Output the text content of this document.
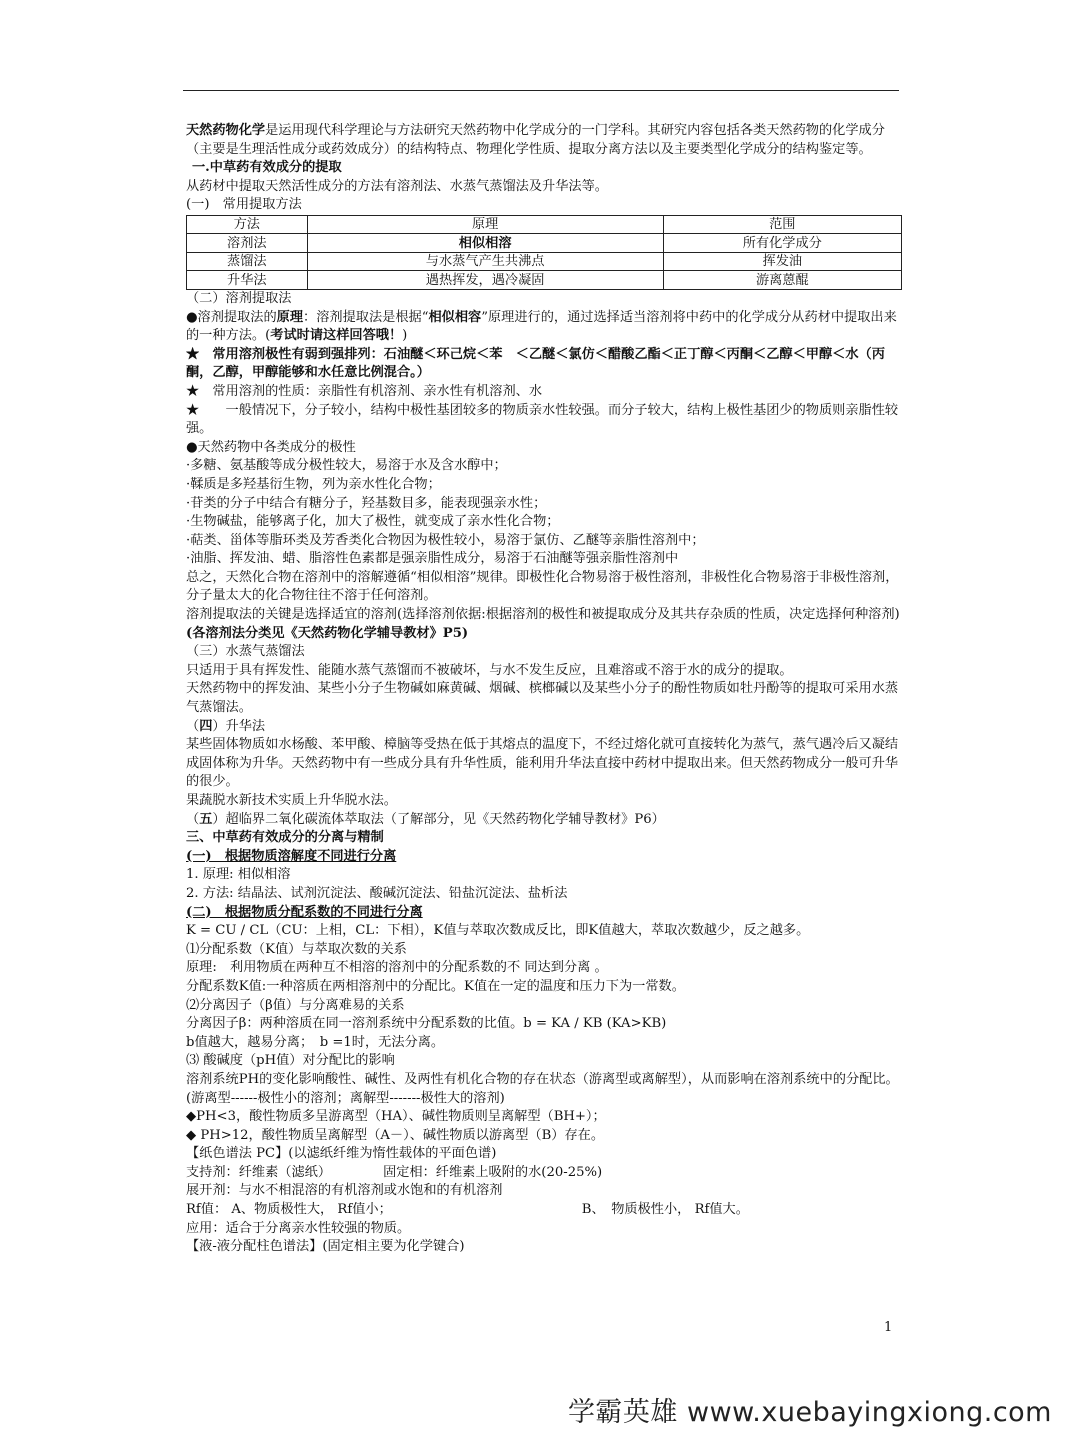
天然药物化学是运用现代科学理论与方法研究天然药物中化学成分的一门学科。其研究内容包括各类天然药物的化学成分（主要是生理活性成分或药效成分）的结构特点、物理化学性质、提取分离方法以及主要类型化学成分的结构鉴定等。

一.中草药有效成分的提取

从药材中提取天然活性成分的方法有溶剂法、水蒸气蒸馏法及升华法等。

(一)　常用提取方法

方法	原理	范围
溶剂法	相似相溶	所有化学成分
蒸馏法	与水蒸气产生共沸点	挥发油
升华法	遇热挥发，遇冷凝固	游离蒽醌

（二）溶剂提取法

●溶剂提取法的原理：溶剂提取法是根据“相似相容”原理进行的，通过选择适当溶剂将中药中的化学成分从药材中提取出来的一种方法。(考试时请这样回答哦！)

★　常用溶剂极性有弱到强排列：石油醚＜环己烷＜苯　＜乙醚＜氯仿＜醋酸乙酯＜正丁醇＜丙酮＜乙醇＜甲醇＜水（丙酮，乙醇，甲醇能够和水任意比例混合。）

★　常用溶剂的性质：亲脂性有机溶剂、亲水性有机溶剂、水

★　　一般情况下，分子较小，结构中极性基团较多的物质亲水性较强。而分子较大，结构上极性基团少的物质则亲脂性较强。

●天然药物中各类成分的极性

·多糖、氨基酸等成分极性较大，易溶于水及含水醇中；

·鞣质是多羟基衍生物，列为亲水性化合物；

·苷类的分子中结合有糖分子，羟基数目多，能表现强亲水性；

·生物碱盐，能够离子化，加大了极性，就变成了亲水性化合物；

·萜类、甾体等脂环类及芳香类化合物因为极性较小，易溶于氯仿、乙醚等亲脂性溶剂中；

·油脂、挥发油、蜡、脂溶性色素都是强亲脂性成分，易溶于石油醚等强亲脂性溶剂中

总之，天然化合物在溶剂中的溶解遵循“相似相溶”规律。即极性化合物易溶于极性溶剂，非极性化合物易溶于非极性溶剂，分子量太大的化合物往往不溶于任何溶剂。

溶剂提取法的关键是选择适宜的溶剂(选择溶剂依据:根据溶剂的极性和被提取成分及其共存杂质的性质，决定选择何种溶剂)(各溶剂法分类见《天然药物化学辅导教材》P5)

（三）水蒸气蒸馏法

只适用于具有挥发性、能随水蒸气蒸馏而不被破坏，与水不发生反应，且难溶或不溶于水的成分的提取。

天然药物中的挥发油、某些小分子生物碱如麻黄碱、烟碱、槟榔碱以及某些小分子的酚性物质如牡丹酚等的提取可采用水蒸气蒸馏法。

（四）升华法

某些固体物质如水杨酸、苯甲酸、樟脑等受热在低于其熔点的温度下，不经过熔化就可直接转化为蒸气，蒸气遇冷后又凝结成固体称为升华。天然药物中有一些成分具有升华性质，能利用升华法直接中药材中提取出来。但天然药物成分一般可升华的很少。

果蔬脱水新技术实质上升华脱水法。

（五）超临界二氧化碳流体萃取法（了解部分，见《天然药物化学辅导教材》P6）

三、中草药有效成分的分离与精制

(一)　根据物质溶解度不同进行分离

1. 原理: 相似相溶

2. 方法: 结晶法、试剂沉淀法、酸碱沉淀法、铅盐沉淀法、盐析法

(二)　根据物质分配系数的不同进行分离

K = CU / CL（CU：上相，CL：下相），K值与萃取次数成反比，即K值越大，萃取次数越少，反之越多。

⑴分配系数（K值）与萃取次数的关系

原理:　利用物质在两种互不相溶的溶剂中的分配系数的不 同达到分离 。

分配系数K值:一种溶质在两相溶剂中的分配比。K值在一定的温度和压力下为一常数。

⑵分离因子（β值）与分离难易的关系

分离因子β：两种溶质在同一溶剂系统中分配系数的比值。b = KA / KB (KA>KB)

b值越大，越易分离；　b =1时，无法分离。

⑶ 酸碱度（pH值）对分配比的影响

溶剂系统PH的变化影响酸性、碱性、及两性有机化合物的存在状态（游离型或离解型），从而影响在溶剂系统中的分配比。(游离型------极性小的溶剂；离解型-------极性大的溶剂)

◆PH<3，酸性物质多呈游离型（HA）、碱性物质则呈离解型（BH+）；

◆ PH>12，酸性物质呈离解型（A－）、碱性物质以游离型（B）存在。

【纸色谱法 PC】(以滤纸纤维为惰性载体的平面色谱)

支持剂：纤维素（滤纸）	固定相：纤维素上吸附的水(20-25%)

展开剂：与水不相混溶的有机溶剂或水饱和的有机溶剂

Rf值： A、物质极性大， Rf值小；	B、　物质极性小， Rf值大。

应用：适合于分离亲水性较强的物质。

【液-液分配柱色谱法】(固定相主要为化学键合)

1
学霸英雄 www.xuebayingxiong.com
